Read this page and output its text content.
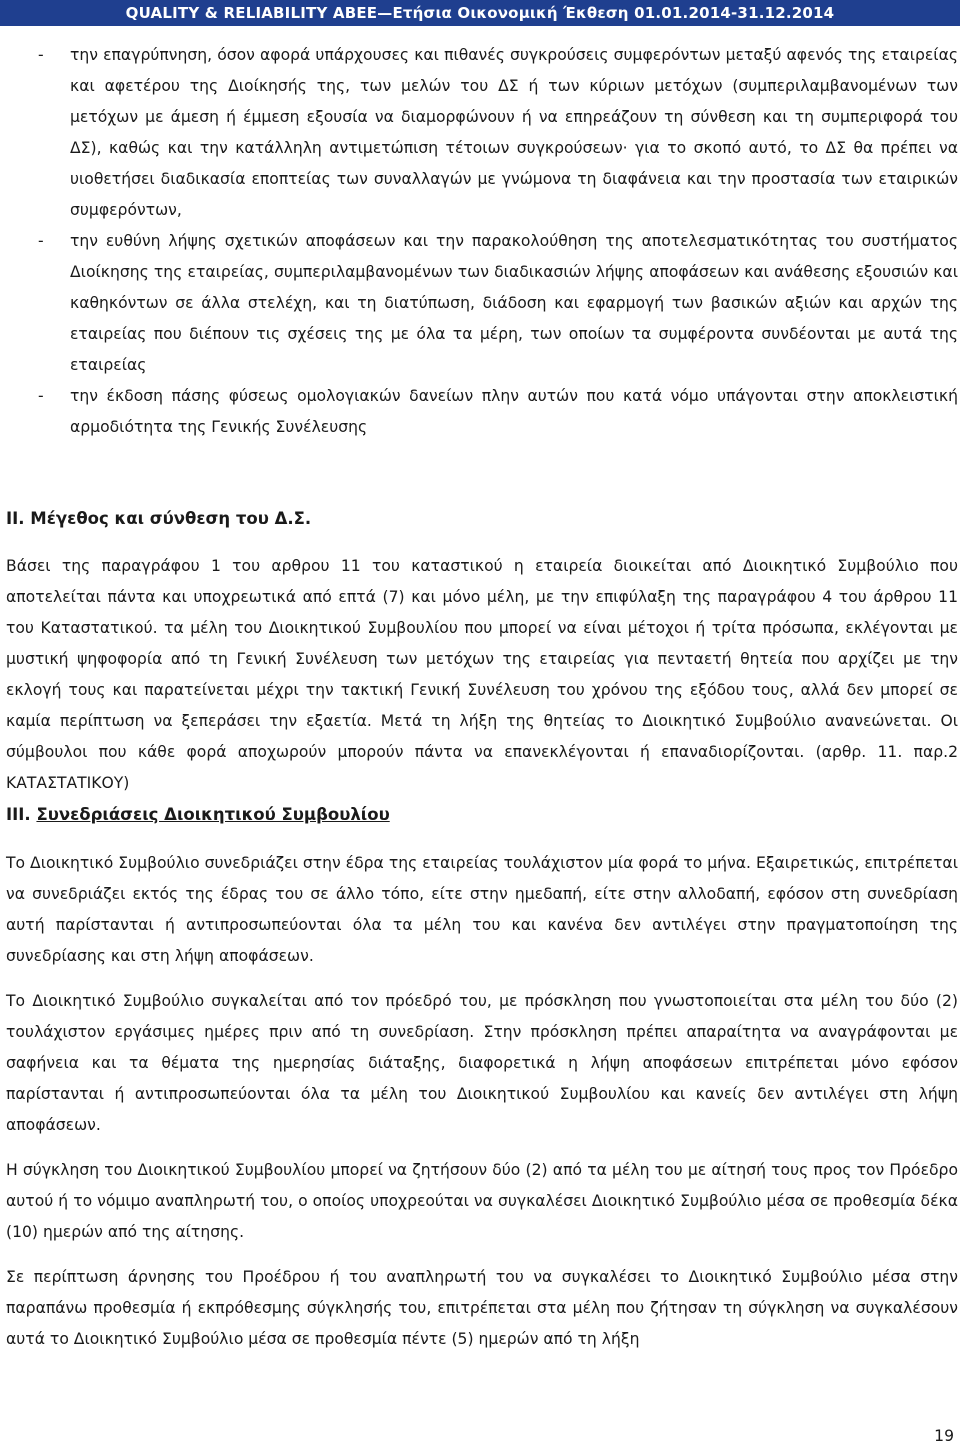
QUALITY & RELIABILITY ABEE—Ετήσια Οικονομική Έκθεση 01.01.2014-31.12.2014

- την επαγρύπνηση, όσον αφορά υπάρχουσες και πιθανές συγκρούσεις συμφερόντων μεταξύ αφενός της εταιρείας και αφετέρου της Διοίκησής της, των μελών του ΔΣ ή των κύριων μετόχων (συμπεριλαμβανομένων των μετόχων με άμεση ή έμμεση εξουσία να διαμορφώνουν ή να επηρεάζουν τη σύνθεση και τη συμπεριφορά του ΔΣ), καθώς και την κατάλληλη αντιμετώπιση τέτοιων συγκρούσεων· για το σκοπό αυτό, το ΔΣ θα πρέπει να υιοθετήσει διαδικασία εποπτείας των συναλλαγών με γνώμονα τη διαφάνεια και την προστασία των εταιρικών συμφερόντων,

- την ευθύνη λήψης σχετικών αποφάσεων και την παρακολούθηση της αποτελεσματικότητας του συστήματος Διοίκησης της εταιρείας, συμπεριλαμβανομένων των διαδικασιών λήψης αποφάσεων και ανάθεσης εξουσιών και καθηκόντων σε άλλα στελέχη, και τη διατύπωση, διάδοση και εφαρμογή των βασικών αξιών και αρχών της εταιρείας που διέπουν τις σχέσεις της με όλα τα μέρη, των οποίων τα συμφέροντα συνδέονται με αυτά της εταιρείας

- την έκδοση πάσης φύσεως ομολογιακών δανείων πλην αυτών που κατά νόμο υπάγονται στην αποκλειστική αρμοδιότητα της Γενικής Συνέλευσης

II. Μέγεθος και σύνθεση του Δ.Σ.

Βάσει της παραγράφου 1 του αρθρου 11 του καταστικού η εταιρεία διοικείται από Διοικητικό Συμβούλιο που αποτελείται πάντα και υποχρεωτικά από επτά (7) και μόνο μέλη, με την επιφύλαξη της παραγράφου 4 του άρθρου 11 του Καταστατικού. τα μέλη του Διοικητικού Συμβουλίου που μπορεί να είναι μέτοχοι ή τρίτα πρόσωπα, εκλέγονται με μυστική ψηφοφορία από τη Γενική Συνέλευση των μετόχων της εταιρείας για πενταετή θητεία που αρχίζει με την εκλογή τους και παρατείνεται μέχρι την τακτική Γενική Συνέλευση του χρόνου της εξόδου τους, αλλά δεν μπορεί σε καμία περίπτωση να ξεπεράσει την εξαετία. Μετά τη λήξη της θητείας το Διοικητικό Συμβούλιο ανανεώνεται. Οι σύμβουλοι που κάθε φορά αποχωρούν μπορούν πάντα να επανεκλέγονται ή επαναδιορίζονται. (αρθρ. 11. παρ.2 ΚΑΤΑΣΤΑΤΙΚΟΥ)

III. Συνεδριάσεις Διοικητικού Συμβουλίου

Το Διοικητικό Συμβούλιο συνεδριάζει στην έδρα της εταιρείας τουλάχιστον μία φορά το μήνα. Εξαιρετικώς, επιτρέπεται να συνεδριάζει εκτός της έδρας του σε άλλο τόπο, είτε στην ημεδαπή, είτε στην αλλοδαπή, εφόσον στη συνεδρίαση αυτή παρίστανται ή αντιπροσωπεύονται όλα τα μέλη του και κανένα δεν αντιλέγει στην πραγματοποίηση της συνεδρίασης και στη λήψη αποφάσεων.

Το Διοικητικό Συμβούλιο συγκαλείται από τον πρόεδρό του, με πρόσκληση που γνωστοποιείται στα μέλη του δύο (2) τουλάχιστον εργάσιμες ημέρες πριν από τη συνεδρίαση. Στην πρόσκληση πρέπει απαραίτητα να αναγράφονται με σαφήνεια και τα θέματα της ημερησίας διάταξης, διαφορετικά η λήψη αποφάσεων επιτρέπεται μόνο εφόσον παρίστανται ή αντιπροσωπεύονται όλα τα μέλη του Διοικητικού Συμβουλίου και κανείς δεν αντιλέγει στη λήψη αποφάσεων.

Η σύγκληση του Διοικητικού Συμβουλίου μπορεί να ζητήσουν δύο (2) από τα μέλη του με αίτησή τους προς τον Πρόεδρο αυτού ή το νόμιμο αναπληρωτή του, ο οποίος υποχρεούται να συγκαλέσει Διοικητικό Συμβούλιο μέσα σε προθεσμία δέκα (10) ημερών από της αίτησης.

Σε περίπτωση άρνησης του Προέδρου ή του αναπληρωτή του να συγκαλέσει το Διοικητικό Συμβούλιο μέσα στην παραπάνω προθεσμία ή εκπρόθεσμης σύγκλησής του, επιτρέπεται στα μέλη που ζήτησαν τη σύγκληση να συγκαλέσουν αυτά το Διοικητικό Συμβούλιο μέσα σε προθεσμία πέντε (5) ημερών από τη λήξη

19
